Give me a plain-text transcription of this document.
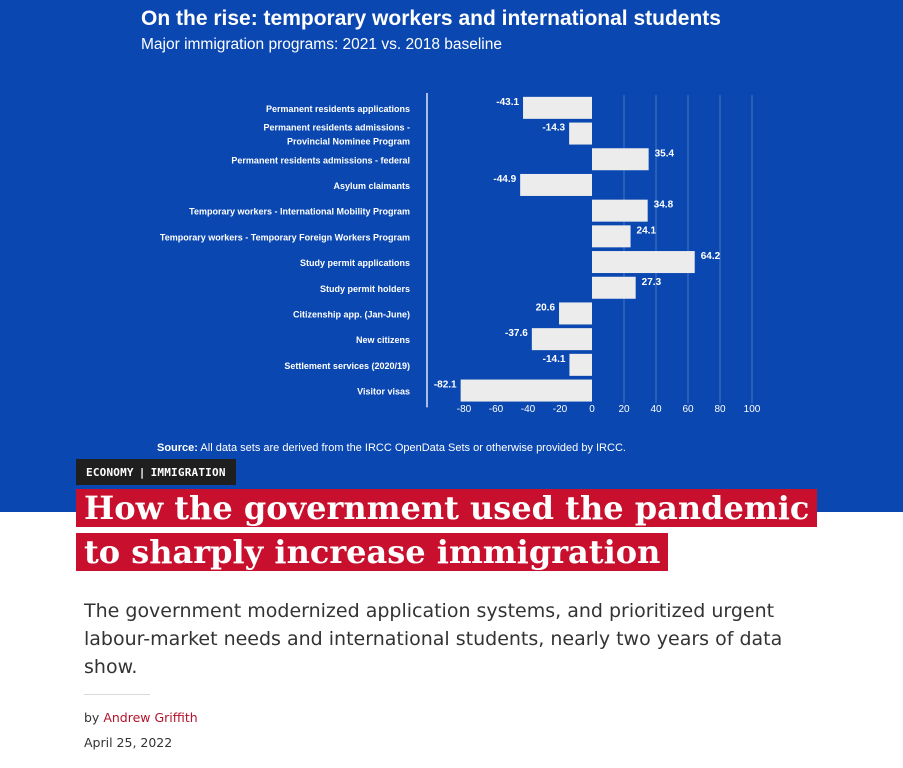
On the rise: temporary workers and international students
Major immigration programs: 2021 vs. 2018 baseline
Permanent residents applications
-43.1
Permanent residents admissions -Provincial Nominee Program
-14.3
Permanent residents admissions - federal
35.4
Asylum claimants
-44.9
Temporary workers - International Mobility Program
34.8
Temporary workers - Temporary Foreign Workers Program
24.1
Study permit applications
64.2
Study permit holders
27.3
Citizenship app. (Jan-June)
20.6
New citizens
-37.6
Settlement services (2020/19)
-14.1
Visitor visas
-82.1
-80 -60 -40 -20 0 20 40 60 80 100
Source: All data sets are derived from the IRCC OpenData Sets or otherwise provided by IRCC.
ECONOMY | IMMIGRATION
How the government used the pandemic to sharply increase immigration

The government modernized application systems, and prioritized urgent labour-market needs and international students, nearly two years of data show.

by Andrew Griffith

April 25, 2022
